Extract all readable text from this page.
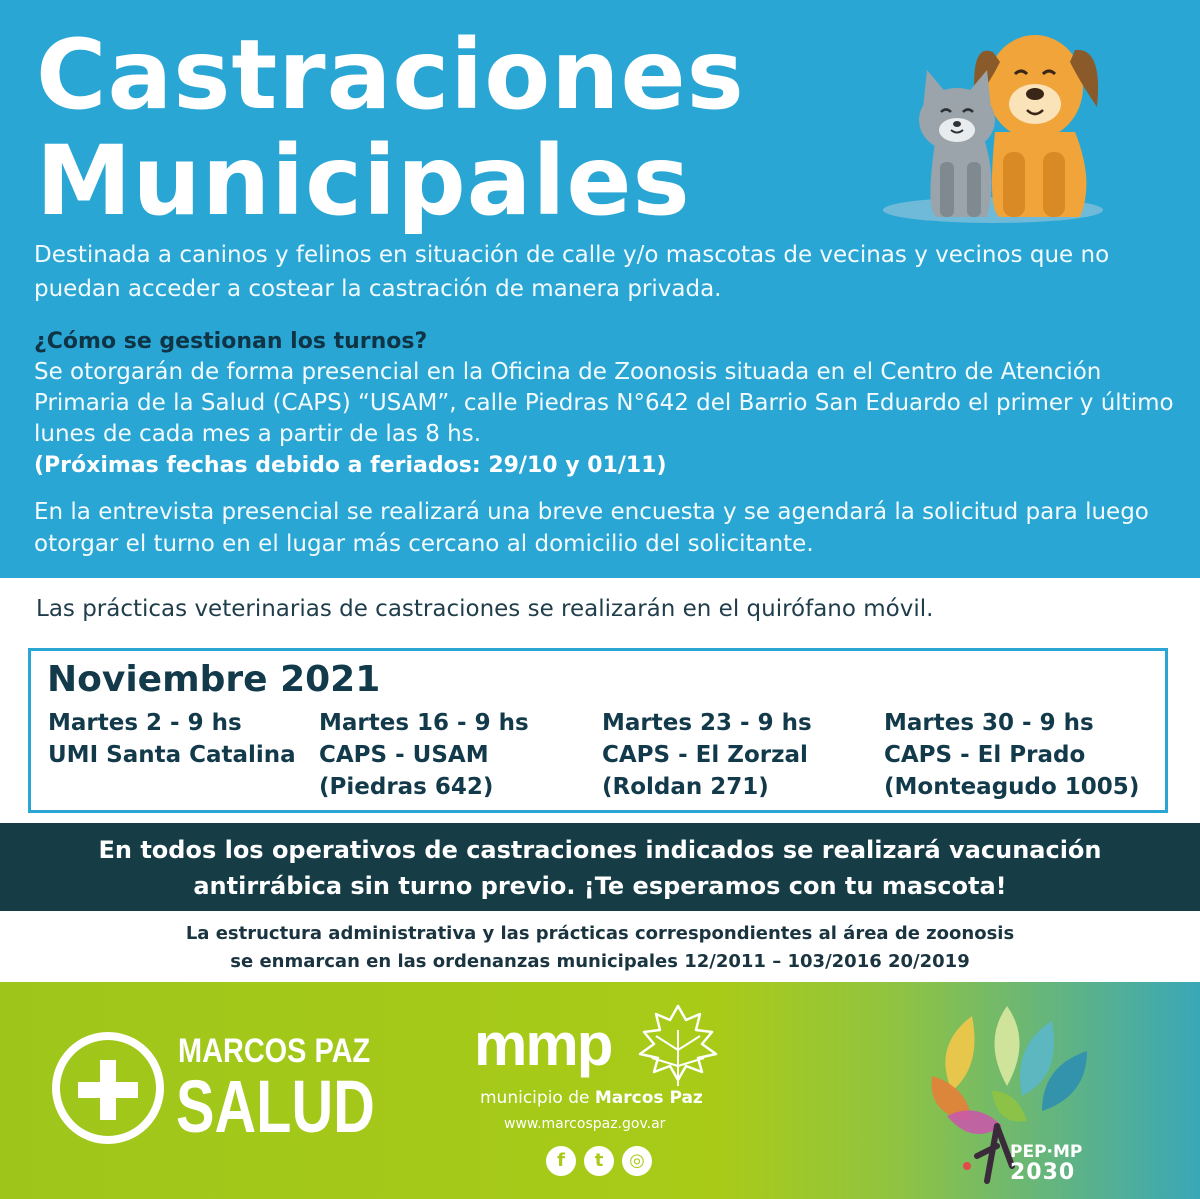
Castraciones
Municipales
Destinada a caninos y felinos en situación de calle y/o mascotas de vecinas y vecinos que no puedan acceder a costear la castración de manera privada.
¿Cómo se gestionan los turnos?
Se otorgarán de forma presencial en la Oficina de Zoonosis situada en el Centro de Atención Primaria de la Salud (CAPS) “USAM”, calle Piedras N°642 del Barrio San Eduardo el primer y último lunes de cada mes a partir de las 8 hs.
(Próximas fechas debido a feriados: 29/10 y 01/11)
En la entrevista presencial se realizará una breve encuesta y se agendará la solicitud para luego otorgar el turno en el lugar más cercano al domicilio del solicitante.
Las prácticas veterinarias de castraciones se realizarán en el quirófano móvil.
Noviembre 2021
Martes 2 - 9 hs
UMI Santa Catalina
Martes 16 - 9 hs
CAPS - USAM
(Piedras 642)
Martes 23 - 9 hs
CAPS - El Zorzal
(Roldan 271)
Martes 30 - 9 hs
CAPS - El Prado
(Monteagudo 1005)
En todos los operativos de castraciones indicados se realizará vacunación
antirrábica sin turno previo. ¡Te esperamos con tu mascota!
La estructura administrativa y las prácticas correspondientes al área de zoonosis
se enmarcan en las ordenanzas municipales 12/2011 – 103/2016 20/2019
MARCOS PAZ
SALUD
mmp
municipio de Marcos Paz
www.marcospaz.gov.ar
f	t	◎	PEP·MP
2030
